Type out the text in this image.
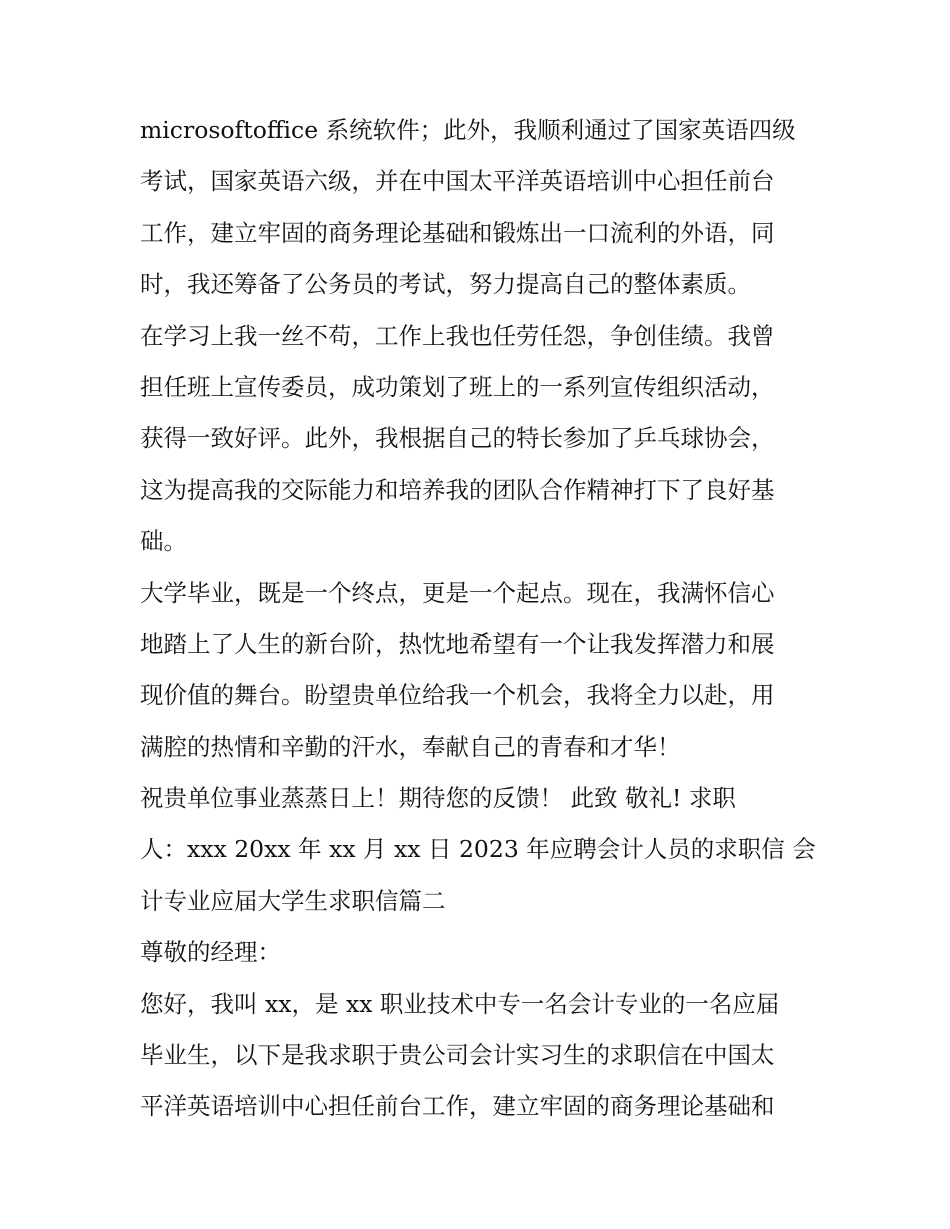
microsoftoffice 系统软件；此外，我顺利通过了国家英语四级
考试，国家英语六级，并在中国太平洋英语培训中心担任前台
工作，建立牢固的商务理论基础和锻炼出一口流利的外语，同
时，我还筹备了公务员的考试，努力提高自己的整体素质。
在学习上我一丝不苟，工作上我也任劳任怨，争创佳绩。我曾
担任班上宣传委员，成功策划了班上的一系列宣传组织活动，
获得一致好评。此外，我根据自己的特长参加了乒乓球协会，
这为提高我的交际能力和培养我的团队合作精神打下了良好基
础。
大学毕业，既是一个终点，更是一个起点。现在，我满怀信心
地踏上了人生的新台阶，热忱地希望有一个让我发挥潜力和展
现价值的舞台。盼望贵单位给我一个机会，我将全力以赴，用
满腔的热情和辛勤的汗水，奉献自己的青春和才华！
祝贵单位事业蒸蒸日上！期待您的反馈！ 此致 敬礼! 求职
人：xxx 20xx 年 xx 月 xx 日 2023 年应聘会计人员的求职信 会
计专业应届大学生求职信篇二
尊敬的经理：
您好，我叫 xx，是 xx 职业技术中专一名会计专业的一名应届
毕业生，以下是我求职于贵公司会计实习生的求职信在中国太
平洋英语培训中心担任前台工作，建立牢固的商务理论基础和
